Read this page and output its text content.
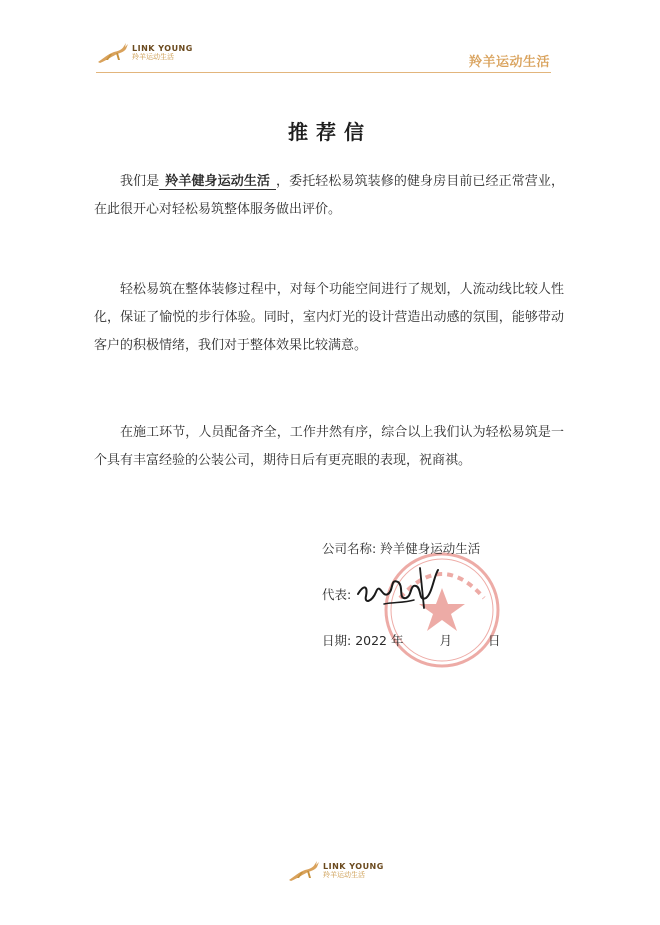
LINK YOUNG
羚羊运动生活	羚羊运动生活
推荐信

我们是 羚羊健身运动生活 ，委托轻松易筑装修的健身房目前已经正常营业，在此很开心对轻松易筑整体服务做出评价。

轻松易筑在整体装修过程中，对每个功能空间进行了规划，人流动线比较人性化，保证了愉悦的步行体验。同时，室内灯光的设计营造出动感的氛围，能够带动客户的积极情绪，我们对于整体效果比较满意。

在施工环节，人员配备齐全，工作井然有序，综合以上我们认为轻松易筑是一个具有丰富经验的公装公司，期待日后有更亮眼的表现，祝商祺。

公司名称: 羚羊健身运动生活
代表:
日期: 2022 年	月	日
LINK YOUNG
羚羊运动生活
